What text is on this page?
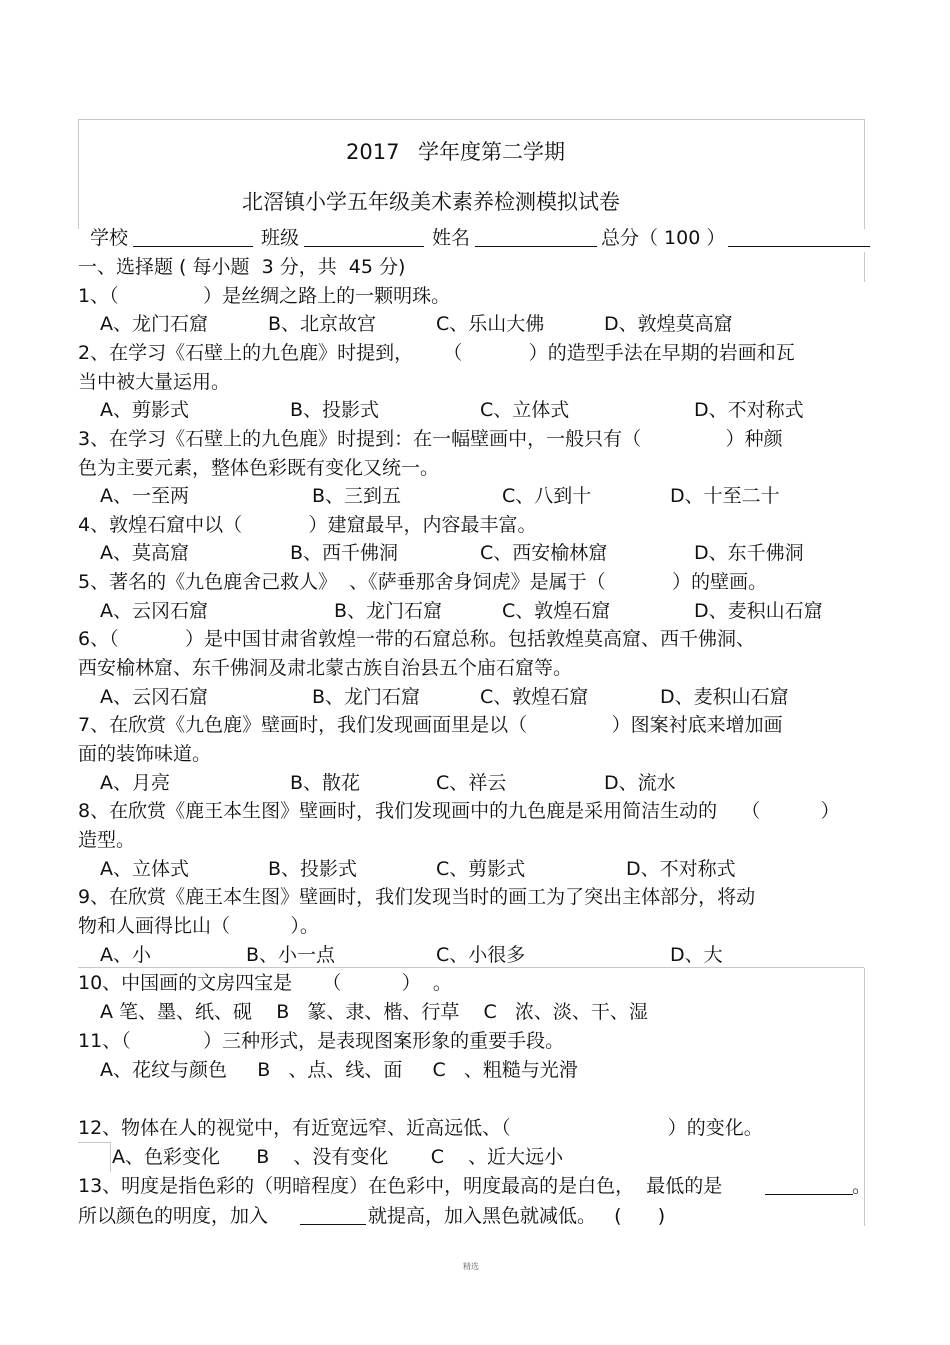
2017 学年度第二学期
北滘镇小学五年级美术素养检测模拟试卷
学校	班级	姓名	总分（ 100 ）
一、选择题 ( 每小题  3 分，共  45 分)
1、（              ）是丝绸之路上的一颗明珠。
A、龙门石窟	B、北京故宫	C、乐山大佛	D、敦煌莫高窟
2、在学习《石壁上的九色鹿》时提到，     （           ）的造型手法在早期的岩画和瓦
当中被大量运用。
A、剪影式	B、投影式	C、立体式	D、不对称式
3、在学习《石壁上的九色鹿》时提到：在一幅壁画中，一般只有（              ）种颜
色为主要元素，整体色彩既有变化又统一。
A、一至两	B、三到五	C、八到十	D、十至二十
4、敦煌石窟中以（           ）建窟最早，内容最丰富。
A、莫高窟	B、西千佛洞	C、西安榆林窟	D、东千佛洞
5、著名的《九色鹿舍己救人》  、《萨垂那舍身饲虎》是属于（           ）的壁画。
A、云冈石窟	B、龙门石窟	C、敦煌石窟	D、麦积山石窟
6、（           ）是中国甘肃省敦煌一带的石窟总称。包括敦煌莫高窟、西千佛洞、
西安榆林窟、东千佛洞及肃北蒙古族自治县五个庙石窟等。
A、云冈石窟	B、龙门石窟	C、敦煌石窟	D、麦积山石窟
7、在欣赏《九色鹿》壁画时，我们发现画面里是以（              ）图案衬底来增加画
面的装饰味道。
A、月亮	B、散花	C、祥云	D、流水
8、在欣赏《鹿王本生图》壁画时，我们发现画中的九色鹿是采用简洁生动的    （          ）
造型。
A、立体式	B、投影式	C、剪影式	D、不对称式
9、在欣赏《鹿王本生图》壁画时，我们发现当时的画工为了突出主体部分，将动
物和人画得比山（          ）。
A、小	B、小一点	C、小很多	D、大
10、中国画的文房四宝是     （          ）  。
A 笔、墨、纸、砚    B   篆、隶、楷、行草    C   浓、淡、干、湿
11、（            ）三种形式，是表现图案形象的重要手段。
A、花纹与颜色     B   、点、线、面     C   、粗糙与光滑
12、物体在人的视觉中，有近宽远窄、近高远低、（                          ）的变化。
A、色彩变化      B    、没有变化       C    、近大远小
13、明度是指色彩的（明暗程度）在色彩中，明度最高的是白色，  最低的是	。
所以颜色的明度，加入	就提高，加入黑色就减低。   (      )
精选
